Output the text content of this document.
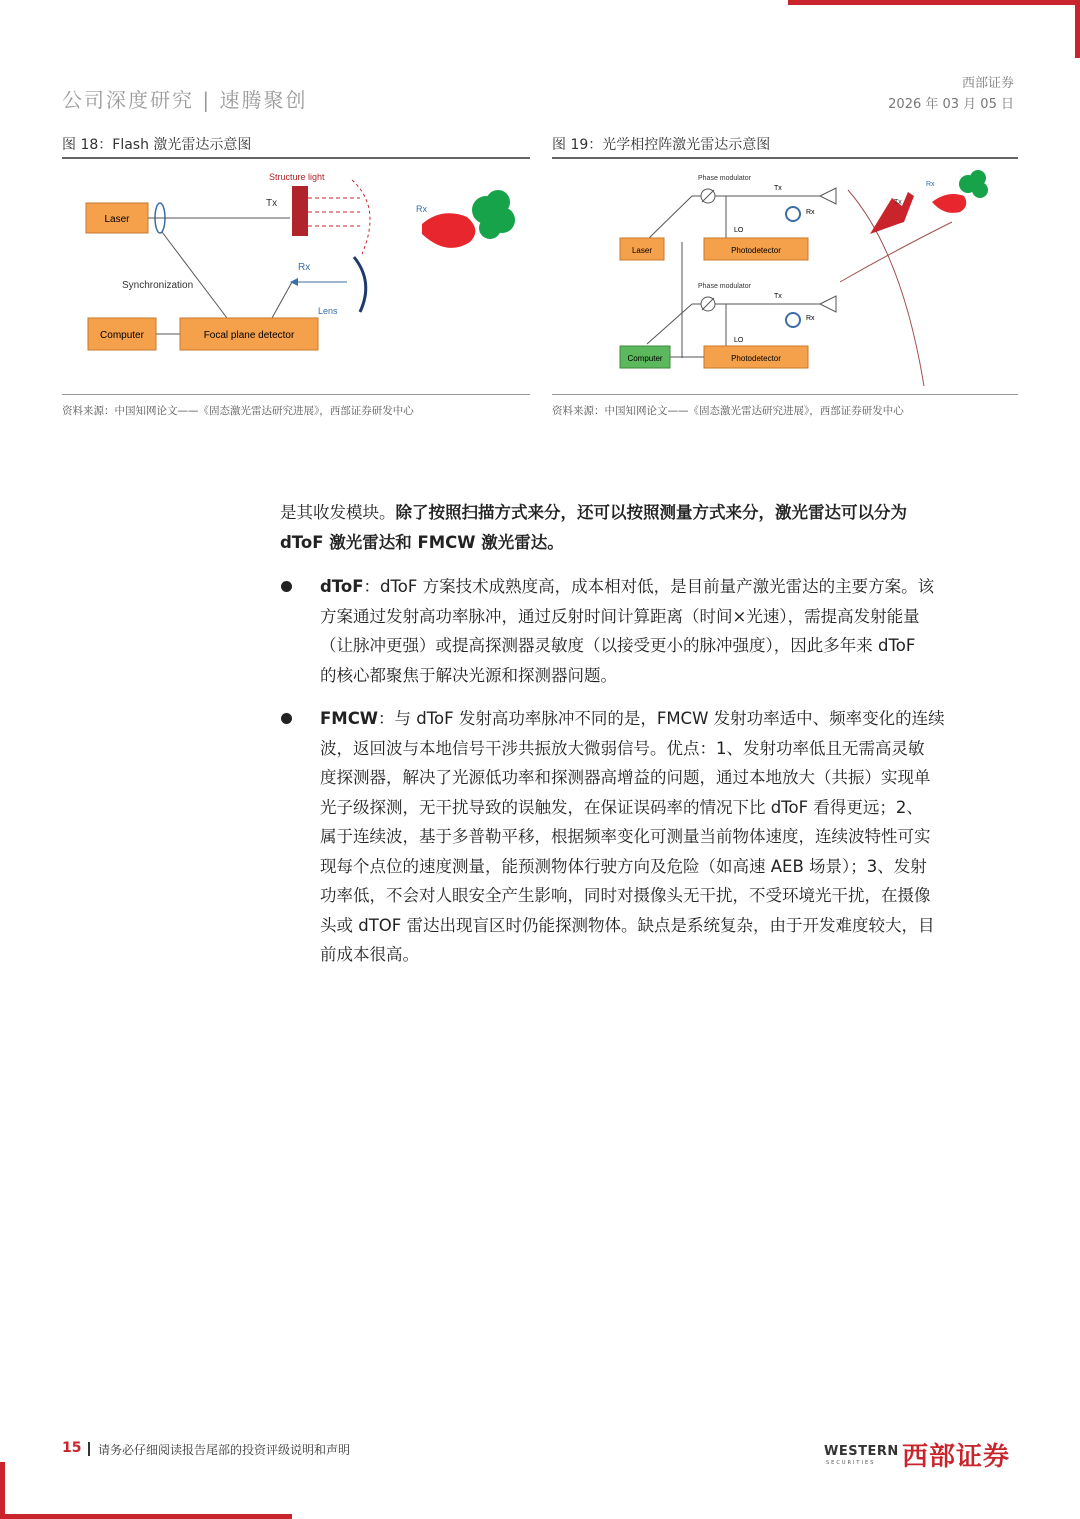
公司深度研究 | 速腾聚创
西部证券
2026 年 03 月 05 日
图 18：Flash 激光雷达示意图
Laser
Tx
Structure light
Lens
Rx
Synchronization
Computer	Focal plane detector
Rx
资料来源：中国知网论文——《固态激光雷达研究进展》，西部证券研发中心
图 19：光学相控阵激光雷达示意图
Phase modulator
Tx
Rx
LO
Photodetector
Laser
Phase modulator
Tx
Rx
LO
Photodetector
Computer
Tx
Rx
资料来源：中国知网论文——《固态激光雷达研究进展》，西部证券研发中心
是其收发模块。除了按照扫描方式来分，还可以按照测量方式来分，激光雷达可以分为
dToF 激光雷达和 FMCW 激光雷达。
dToF：dToF 方案技术成熟度高，成本相对低，是目前量产激光雷达的主要方案。该
方案通过发射高功率脉冲，通过反射时间计算距离（时间×光速），需提高发射能量
（让脉冲更强）或提高探测器灵敏度（以接受更小的脉冲强度），因此多年来 dToF
的核心都聚焦于解决光源和探测器问题。
FMCW：与 dToF 发射高功率脉冲不同的是，FMCW 发射功率适中、频率变化的连续
波，返回波与本地信号干涉共振放大微弱信号。优点：1、发射功率低且无需高灵敏
度探测器，解决了光源低功率和探测器高增益的问题，通过本地放大（共振）实现单
光子级探测，无干扰导致的误触发，在保证误码率的情况下比 dToF 看得更远；2、
属于连续波，基于多普勒平移，根据频率变化可测量当前物体速度，连续波特性可实
现每个点位的速度测量，能预测物体行驶方向及危险（如高速 AEB 场景）；3、发射
功率低，不会对人眼安全产生影响，同时对摄像头无干扰，不受环境光干扰，在摄像
头或 dTOF 雷达出现盲区时仍能探测物体。缺点是系统复杂，由于开发难度较大，目
前成本很高。
15 请务必仔细阅读报告尾部的投资评级说明和声明	WESTERN
SECURITIES 西部证券
